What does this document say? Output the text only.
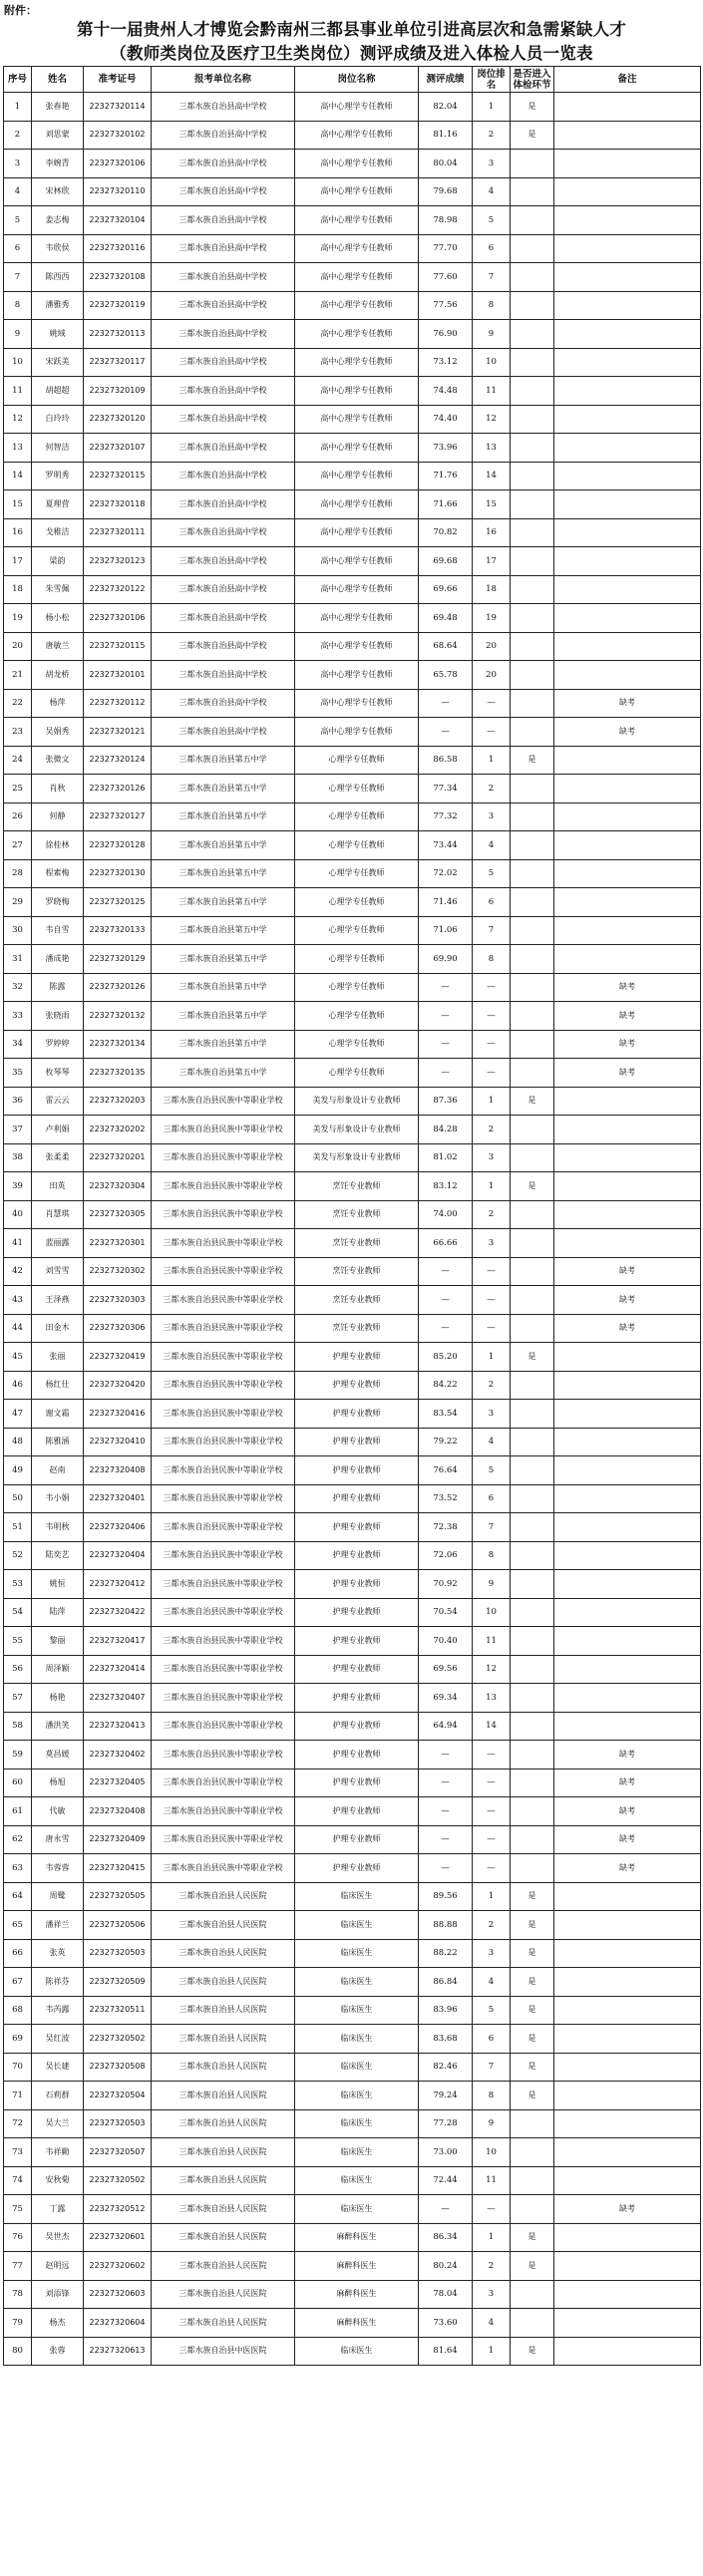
附件：
第十一届贵州人才博览会黔南州三都县事业单位引进高层次和急需紧缺人才
（教师类岗位及医疗卫生类岗位）测评成绩及进入体检人员一览表
序号	姓名	准考证号	报考单位名称	岗位名称	测评成绩	岗位排名	是否进入体检环节	备注
1	张春艳	22327320114	三都水族自治县高中学校	高中心理学专任教师	82.04	1	是	
2	刘思蒙	22327320102	三都水族自治县高中学校	高中心理学专任教师	81.16	2	是	
3	李婉青	22327320106	三都水族自治县高中学校	高中心理学专任教师	80.04	3		
4	宋林欣	22327320110	三都水族自治县高中学校	高中心理学专任教师	79.68	4		
5	姜志梅	22327320104	三都水族自治县高中学校	高中心理学专任教师	78.98	5		
6	韦欣侯	22327320116	三都水族自治县高中学校	高中心理学专任教师	77.70	6		
7	陈西西	22327320108	三都水族自治县高中学校	高中心理学专任教师	77.60	7		
8	潘雅秀	22327320119	三都水族自治县高中学校	高中心理学专任教师	77.56	8		
9	姚域	22327320113	三都水族自治县高中学校	高中心理学专任教师	76.90	9		
10	宋跃美	22327320117	三都水族自治县高中学校	高中心理学专任教师	73.12	10		
11	胡超超	22327320109	三都水族自治县高中学校	高中心理学专任教师	74.48	11		
12	白玲玲	22327320120	三都水族自治县高中学校	高中心理学专任教师	74.40	12		
13	何智洁	22327320107	三都水族自治县高中学校	高中心理学专任教师	73.96	13		
14	罗明秀	22327320115	三都水族自治县高中学校	高中心理学专任教师	71.76	14		
15	夏理营	22327320118	三都水族自治县高中学校	高中心理学专任教师	71.66	15		
16	戈稚洁	22327320111	三都水族自治县高中学校	高中心理学专任教师	70.82	16		
17	梁韵	22327320123	三都水族自治县高中学校	高中心理学专任教师	69.68	17		
18	朱雪佩	22327320122	三都水族自治县高中学校	高中心理学专任教师	69.66	18		
19	杨小松	22327320106	三都水族自治县高中学校	高中心理学专任教师	69.48	19		
20	唐敏兰	22327320115	三都水族自治县高中学校	高中心理学专任教师	68.64	20		
21	胡龙桥	22327320101	三都水族自治县高中学校	高中心理学专任教师	65.78	20		
22	杨萍	22327320112	三都水族自治县高中学校	高中心理学专任教师	—	—		缺考
23	吴娟秀	22327320121	三都水族自治县高中学校	高中心理学专任教师	—	—		缺考
24	张微文	22327320124	三都水族自治县第五中学	心理学专任教师	86.58	1	是	
25	肖秋	22327320126	三都水族自治县第五中学	心理学专任教师	77.34	2		
26	何静	22327320127	三都水族自治县第五中学	心理学专任教师	77.32	3		
27	徐桂林	22327320128	三都水族自治县第五中学	心理学专任教师	73.44	4		
28	程素梅	22327320130	三都水族自治县第五中学	心理学专任教师	72.02	5		
29	罗晓梅	22327320125	三都水族自治县第五中学	心理学专任教师	71.46	6		
30	韦自雪	22327320133	三都水族自治县第五中学	心理学专任教师	71.06	7		
31	潘成艳	22327320129	三都水族自治县第五中学	心理学专任教师	69.90	8		
32	陈露	22327320126	三都水族自治县第五中学	心理学专任教师	—	—		缺考
33	张晓雨	22327320132	三都水族自治县第五中学	心理学专任教师	—	—		缺考
34	罗婷婷	22327320134	三都水族自治县第五中学	心理学专任教师	—	—		缺考
35	枚琴琴	22327320135	三都水族自治县第五中学	心理学专任教师	—	—		缺考
36	雷云云	22327320203	三都水族自治县民族中等职业学校	美发与形象设计专业教师	87.36	1	是	
37	卢利娟	22327320202	三都水族自治县民族中等职业学校	美发与形象设计专业教师	84.28	2		
38	张柔柔	22327320201	三都水族自治县民族中等职业学校	美发与形象设计专业教师	81.02	3		
39	田英	22327320304	三都水族自治县民族中等职业学校	烹饪专业教师	83.12	1	是	
40	肖慧琪	22327320305	三都水族自治县民族中等职业学校	烹饪专业教师	74.00	2		
41	蓝丽露	22327320301	三都水族自治县民族中等职业学校	烹饪专业教师	66.66	3		
42	刘雪雪	22327320302	三都水族自治县民族中等职业学校	烹饪专业教师	—	—		缺考
43	王泽燕	22327320303	三都水族自治县民族中等职业学校	烹饪专业教师	—	—		缺考
44	田金木	22327320306	三都水族自治县民族中等职业学校	烹饪专业教师	—	—		缺考
45	张丽	22327320419	三都水族自治县民族中等职业学校	护理专业教师	85.20	1	是	
46	杨红仕	22327320420	三都水族自治县民族中等职业学校	护理专业教师	84.22	2		
47	谢文霜	22327320416	三都水族自治县民族中等职业学校	护理专业教师	83.54	3		
48	陈雅涵	22327320410	三都水族自治县民族中等职业学校	护理专业教师	79.22	4		
49	赵南	22327320408	三都水族自治县民族中等职业学校	护理专业教师	76.64	5		
50	韦小娟	22327320401	三都水族自治县民族中等职业学校	护理专业教师	73.52	6		
51	韦明秋	22327320406	三都水族自治县民族中等职业学校	护理专业教师	72.38	7		
52	陆奕艺	22327320404	三都水族自治县民族中等职业学校	护理专业教师	72.06	8		
53	姚恒	22327320412	三都水族自治县民族中等职业学校	护理专业教师	70.92	9		
54	陆萍	22327320422	三都水族自治县民族中等职业学校	护理专业教师	70.54	10		
55	黎丽	22327320417	三都水族自治县民族中等职业学校	护理专业教师	70.40	11		
56	周泽颖	22327320414	三都水族自治县民族中等职业学校	护理专业教师	69.56	12		
57	杨艳	22327320407	三都水族自治县民族中等职业学校	护理专业教师	69.34	13		
58	潘洪笑	22327320413	三都水族自治县民族中等职业学校	护理专业教师	64.94	14		
59	莫昌媛	22327320402	三都水族自治县民族中等职业学校	护理专业教师	—	—		缺考
60	杨旭	22327320405	三都水族自治县民族中等职业学校	护理专业教师	—	—		缺考
61	代敏	22327320408	三都水族自治县民族中等职业学校	护理专业教师	—	—		缺考
62	唐永雪	22327320409	三都水族自治县民族中等职业学校	护理专业教师	—	—		缺考
63	韦蓉蓉	22327320415	三都水族自治县民族中等职业学校	护理专业教师	—	—		缺考
64	周鹭	22327320505	三都水族自治县人民医院	临床医生	89.56	1	是	
65	潘祥兰	22327320506	三都水族自治县人民医院	临床医生	88.88	2	是	
66	张英	22327320503	三都水族自治县人民医院	临床医生	88.22	3	是	
67	陈祥芬	22327320509	三都水族自治县人民医院	临床医生	86.84	4	是	
68	韦芮露	22327320511	三都水族自治县人民医院	临床医生	83.96	5	是	
69	吴红波	22327320502	三都水族自治县人民医院	临床医生	83.68	6	是	
70	吴长建	22327320508	三都水族自治县人民医院	临床医生	82.46	7	是	
71	石莉群	22327320504	三都水族自治县人民医院	临床医生	79.24	8	是	
72	吴大兰	22327320503	三都水族自治县人民医院	临床医生	77.28	9		
73	韦祥勤	22327320507	三都水族自治县人民医院	临床医生	73.00	10		
74	安秋菊	22327320502	三都水族自治县人民医院	临床医生	72.44	11		
75	丁露	22327320512	三都水族自治县人民医院	临床医生	—	—		缺考
76	吴世杰	22327320601	三都水族自治县人民医院	麻醉科医生	86.34	1	是	
77	赵明远	22327320602	三都水族自治县人民医院	麻醉科医生	80.24	2	是	
78	刘添锋	22327320603	三都水族自治县人民医院	麻醉科医生	78.04	3		
79	杨杰	22327320604	三都水族自治县人民医院	麻醉科医生	73.60	4		
80	张蓉	22327320613	三都水族自治县中医医院	临床医生	81.64	1	是	
